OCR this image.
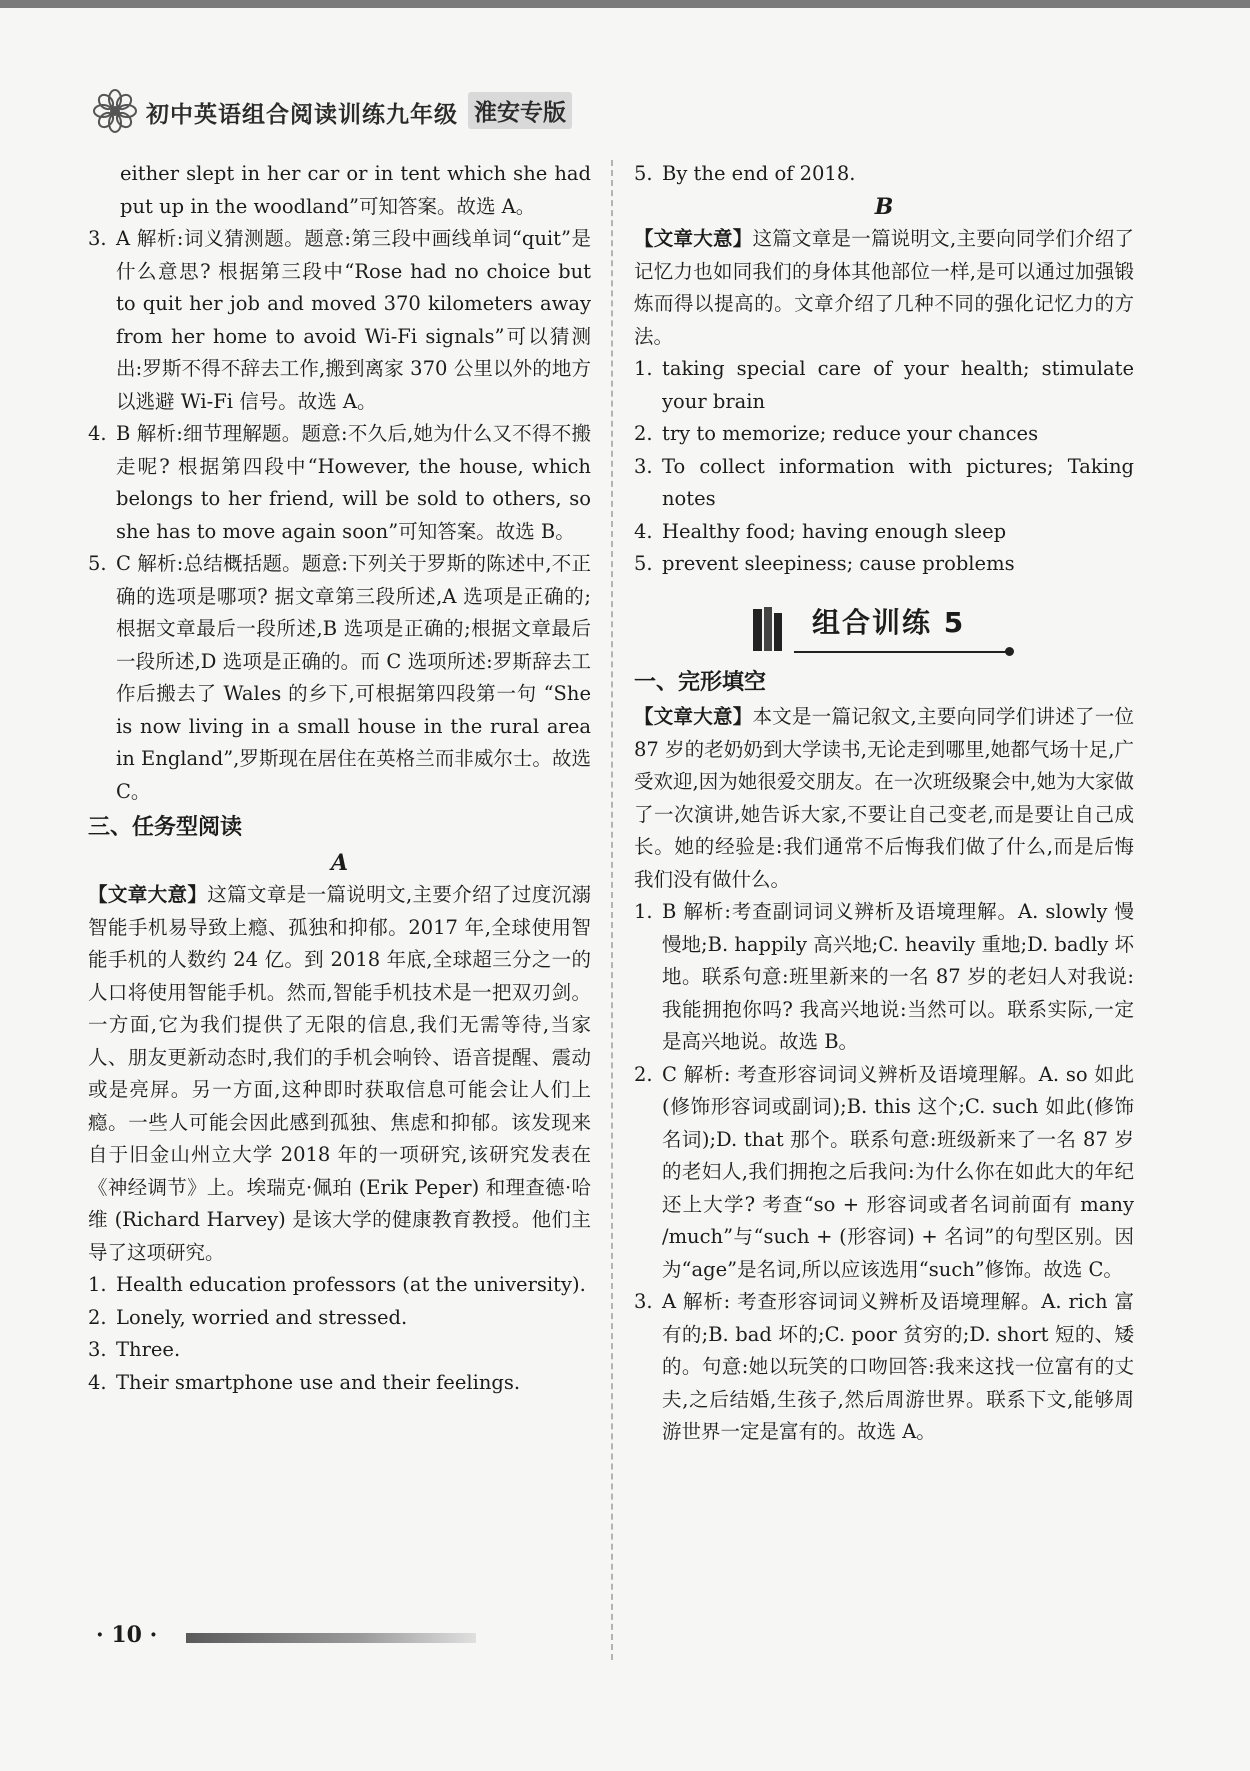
初中英语组合阅读训练九年级 淮安专版

either slept in her car or in tent which she had put up in the woodland”可知答案。故选 A。

3. A 解析:词义猜测题。题意:第三段中画线单词“quit”是什么意思? 根据第三段中“Rose had no choice but to quit her job and moved 370 kilometers away from her home to avoid Wi-Fi signals”可以猜测出:罗斯不得不辞去工作,搬到离家 370 公里以外的地方以逃避 Wi-Fi 信号。故选 A。
4. B 解析:细节理解题。题意:不久后,她为什么又不得不搬走呢? 根据第四段中“However, the house, which belongs to her friend, will be sold to others, so she has to move again soon”可知答案。故选 B。
5. C 解析:总结概括题。题意:下列关于罗斯的陈述中,不正确的选项是哪项? 据文章第三段所述,A 选项是正确的;根据文章最后一段所述,B 选项是正确的;根据文章最后一段所述,D 选项是正确的。而 C 选项所述:罗斯辞去工作后搬去了 Wales 的乡下,可根据第四段第一句 “She is now living in a small house in the rural area in England”,罗斯现在居住在英格兰而非威尔士。故选 C。
三、任务型阅读
A

【文章大意】这篇文章是一篇说明文,主要介绍了过度沉溺智能手机易导致上瘾、孤独和抑郁。2017 年,全球使用智能手机的人数约 24 亿。到 2018 年底,全球超三分之一的人口将使用智能手机。然而,智能手机技术是一把双刃剑。一方面,它为我们提供了无限的信息,我们无需等待,当家人、朋友更新动态时,我们的手机会响铃、语音提醒、震动或是亮屏。另一方面,这种即时获取信息可能会让人们上瘾。一些人可能会因此感到孤独、焦虑和抑郁。该发现来自于旧金山州立大学 2018 年的一项研究,该研究发表在《神经调节》上。埃瑞克·佩珀 (Erik Peper) 和理查德·哈维 (Richard Harvey) 是该大学的健康教育教授。他们主导了这项研究。

1. Health education professors (at the university).
2. Lonely, worried and stressed.
3. Three.
4. Their smartphone use and their feelings.
5. By the end of 2018.
B

【文章大意】这篇文章是一篇说明文,主要向同学们介绍了记忆力也如同我们的身体其他部位一样,是可以通过加强锻炼而得以提高的。文章介绍了几种不同的强化记忆力的方法。

1. taking special care of your health; stimulate your brain
2. try to memorize; reduce your chances
3. To collect information with pictures; Taking notes
4. Healthy food; having enough sleep
5. prevent sleepiness; cause problems
组合训练 5
一、完形填空

【文章大意】本文是一篇记叙文,主要向同学们讲述了一位 87 岁的老奶奶到大学读书,无论走到哪里,她都气场十足,广受欢迎,因为她很爱交朋友。在一次班级聚会中,她为大家做了一次演讲,她告诉大家,不要让自己变老,而是要让自己成长。她的经验是:我们通常不后悔我们做了什么,而是后悔我们没有做什么。

1. B 解析:考查副词词义辨析及语境理解。A. slowly 慢慢地;B. happily 高兴地;C. heavily 重地;D. badly 坏地。联系句意:班里新来的一名 87 岁的老妇人对我说:我能拥抱你吗? 我高兴地说:当然可以。联系实际,一定是高兴地说。故选 B。
2. C 解析: 考查形容词词义辨析及语境理解。A. so 如此 (修饰形容词或副词);B. this 这个;C. such 如此(修饰名词);D. that 那个。联系句意:班级新来了一名 87 岁的老妇人,我们拥抱之后我问:为什么你在如此大的年纪还上大学? 考查“so + 形容词或者名词前面有 many /much”与“such + (形容词) + 名词”的句型区别。因为“age”是名词,所以应该选用“such”修饰。故选 C。
3. A 解析: 考查形容词词义辨析及语境理解。A. rich 富有的;B. bad 坏的;C. poor 贫穷的;D. short 短的、矮的。句意:她以玩笑的口吻回答:我来这找一位富有的丈夫,之后结婚,生孩子,然后周游世界。联系下文,能够周游世界一定是富有的。故选 A。
· 10 ·
